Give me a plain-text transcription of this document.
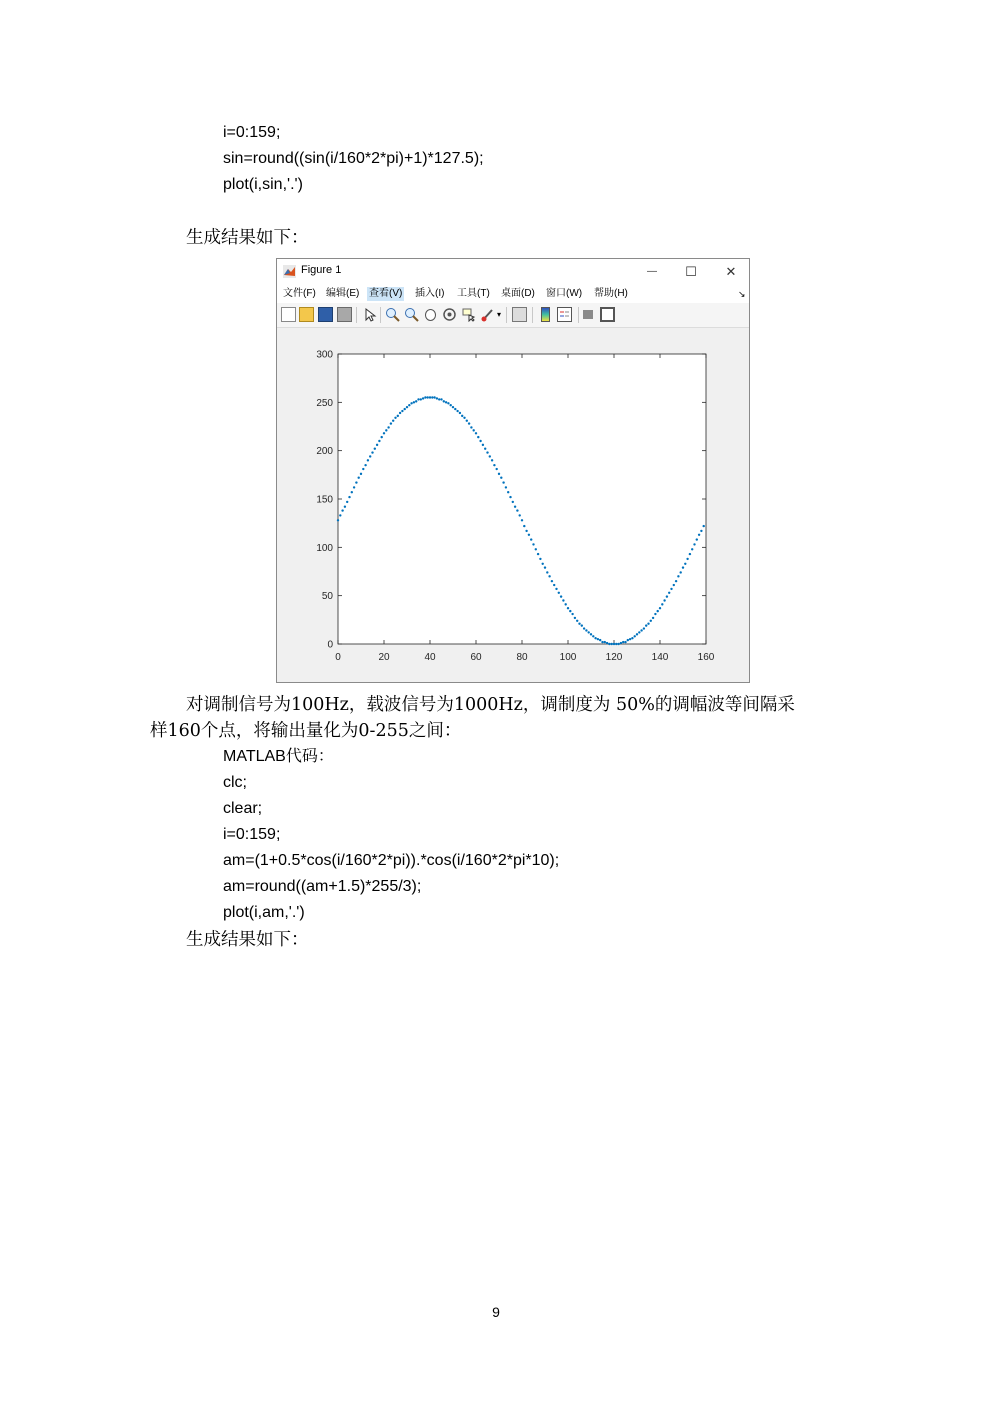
i=0:159;
sin=round((sin(i/160*2*pi)+1)*127.5);
plot(i,sin,'.')
生成结果如下：
Figure 1	—	☐	✕
文件(F) 编辑(E) 查看(V) 插入(I) 工具(T) 桌面(D) 窗口(W) 帮助(H)	↘
▾
0	20	40	60	80	100	120	140	160
0
50
100
150
200
250
300
对调制信号为100Hz，载波信号为1000Hz，调制度为 50%的调幅波等间隔采
样160个点，将输出量化为0-255之间：
MATLAB代码：
clc;
clear;
i=0:159;
am=(1+0.5*cos(i/160*2*pi)).*cos(i/160*2*pi*10);
am=round((am+1.5)*255/3);
plot(i,am,'.')
生成结果如下：
9
